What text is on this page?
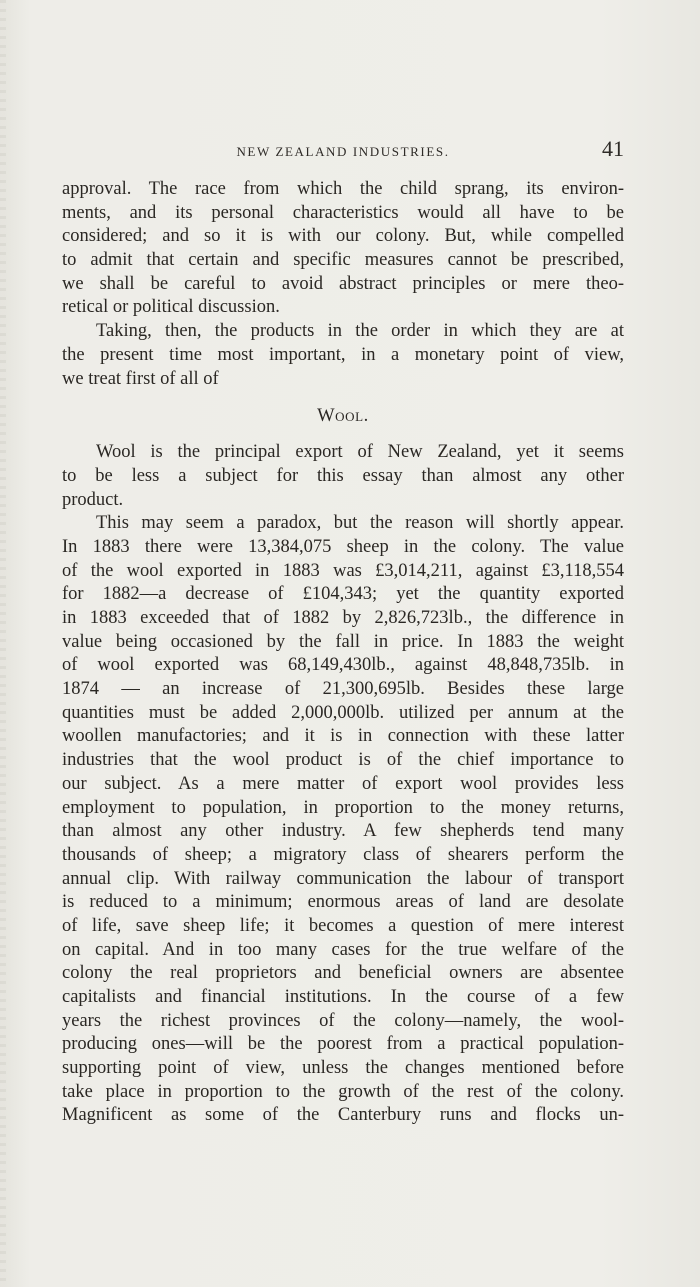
NEW ZEALAND INDUSTRIES.	41
approval. The race from which the child sprang, its environ-
ments, and its personal characteristics would all have to be
considered; and so it is with our colony. But, while compelled
to admit that certain and specific measures cannot be prescribed,
we shall be careful to avoid abstract principles or mere theo-
retical or political discussion.
Taking, then, the products in the order in which they are at
the present time most important, in a monetary point of view,
we treat first of all of
Wool.
Wool is the principal export of New Zealand, yet it seems
to be less a subject for this essay than almost any other
product.
This may seem a paradox, but the reason will shortly appear.
In 1883 there were 13,384,075 sheep in the colony. The value
of the wool exported in 1883 was £3,014,211, against £3,118,554
for 1882—a decrease of £104,343; yet the quantity exported
in 1883 exceeded that of 1882 by 2,826,723lb., the difference in
value being occasioned by the fall in price. In 1883 the weight
of wool exported was 68,149,430lb., against 48,848,735lb. in
1874 — an increase of 21,300,695lb. Besides these large
quantities must be added 2,000,000lb. utilized per annum at the
woollen manufactories; and it is in connection with these latter
industries that the wool product is of the chief importance to
our subject. As a mere matter of export wool provides less
employment to population, in proportion to the money returns,
than almost any other industry. A few shepherds tend many
thousands of sheep; a migratory class of shearers perform the
annual clip. With railway communication the labour of transport
is reduced to a minimum; enormous areas of land are desolate
of life, save sheep life; it becomes a question of mere interest
on capital. And in too many cases for the true welfare of the
colony the real proprietors and beneficial owners are absentee
capitalists and financial institutions. In the course of a few
years the richest provinces of the colony—namely, the wool-
producing ones—will be the poorest from a practical population-
supporting point of view, unless the changes mentioned before
take place in proportion to the growth of the rest of the colony.
Magnificent as some of the Canterbury runs and flocks un-
